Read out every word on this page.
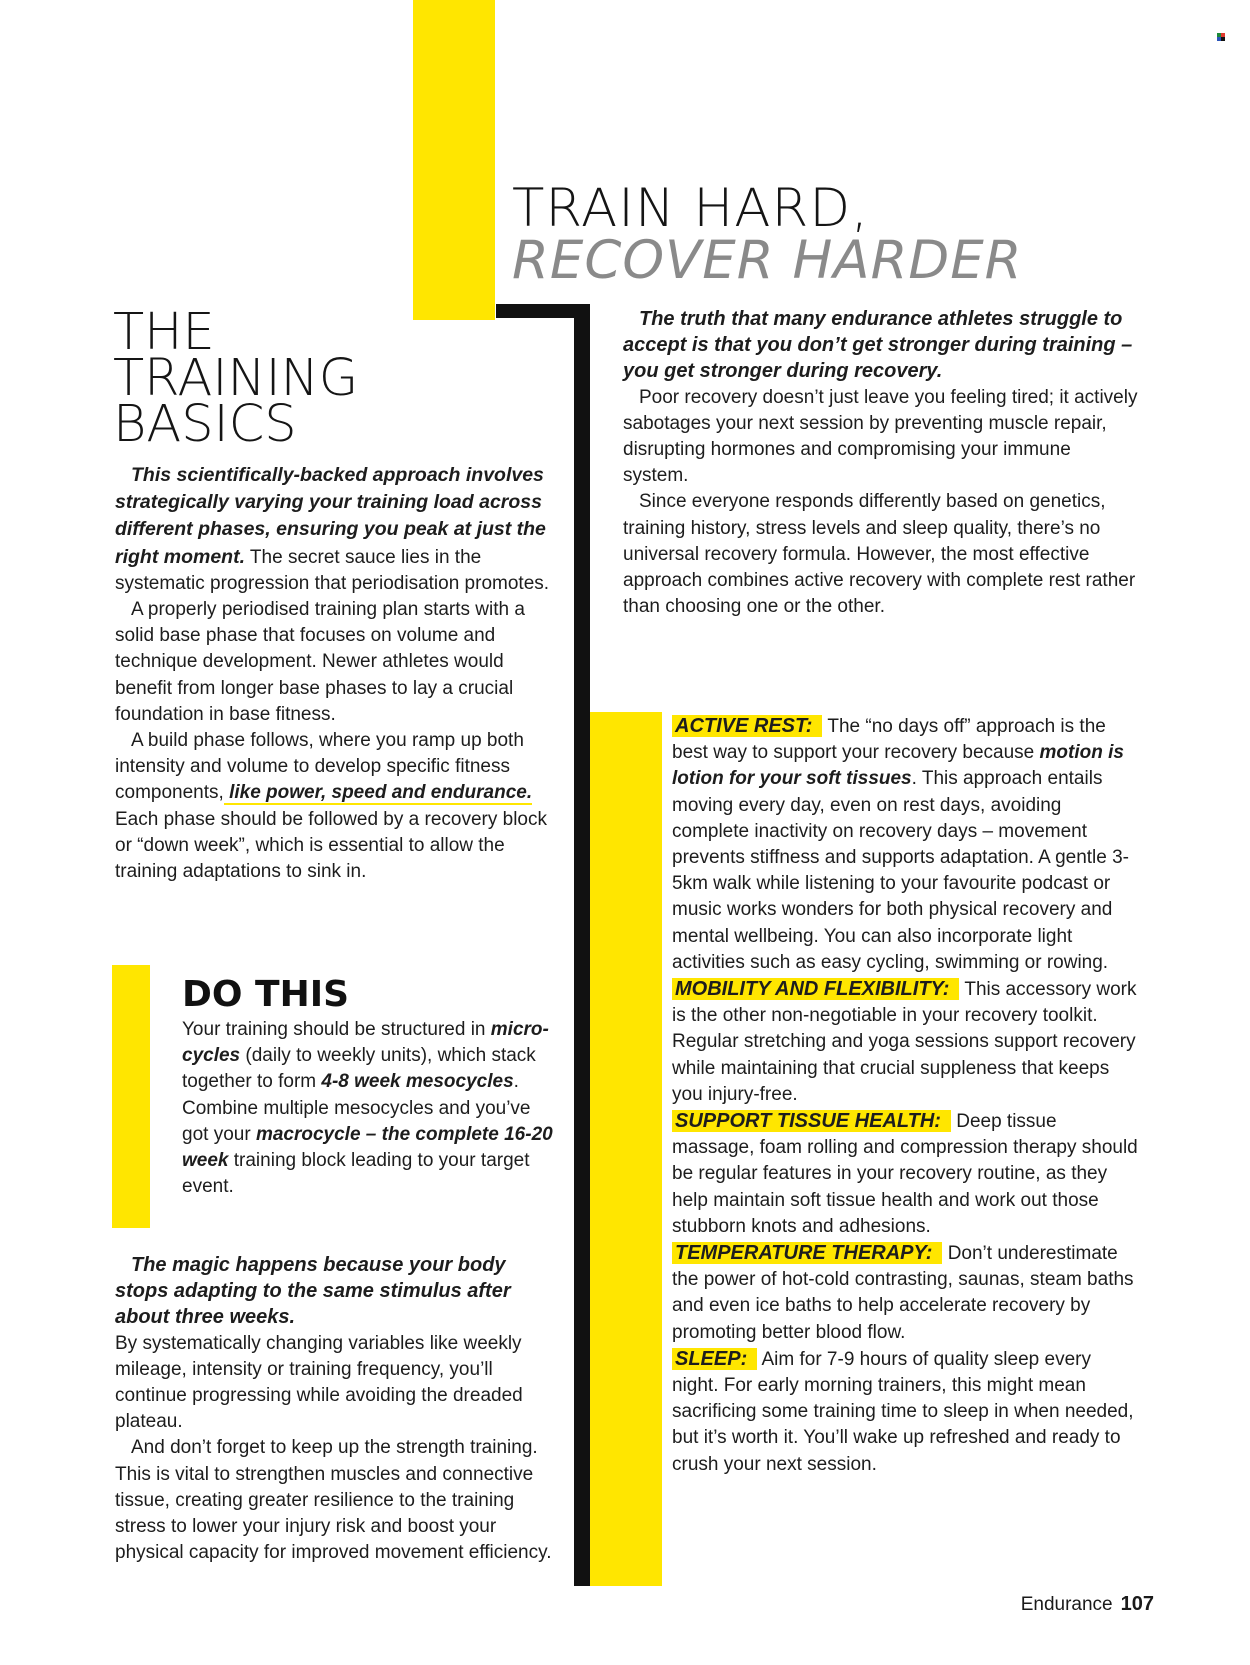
TRAIN HARD,
RECOVER HARDER
THE
TRAINING
BASICS

This scientifically-backed approach involves strategically varying your training load across different phases, ensuring you peak at just the right moment. The secret sauce lies in the systematic progression that periodisation promotes.

A properly periodised training plan starts with a solid base phase that focuses on volume and technique development. Newer athletes would benefit from longer base phases to lay a crucial foundation in base fitness.

A build phase follows, where you ramp up both intensity and volume to develop specific fitness components, like power, speed and endurance. Each phase should be followed by a recovery block or “down week”, which is essential to allow the training adaptations to sink in.

DO THIS

Your training should be structured in micro-cycles (daily to weekly units), which stack together to form 4-8 week mesocycles. Combine multiple mesocycles and you’ve got your macrocycle – the complete 16-20 week training block leading to your target event.

The magic happens because your body stops adapting to the same stimulus after about three weeks.

By systematically changing variables like weekly mileage, intensity or training frequency, you’ll continue progressing while avoiding the dreaded plateau.

And don’t forget to keep up the strength training. This is vital to strengthen muscles and connective tissue, creating greater resilience to the training stress to lower your injury risk and boost your physical capacity for improved movement efficiency.

The truth that many endurance athletes struggle to accept is that you don’t get stronger during training – you get stronger during recovery.

Poor recovery doesn’t just leave you feeling tired; it actively sabotages your next session by preventing muscle repair, disrupting hormones and compromising your immune system.

Since everyone responds differently based on genetics, training history, stress levels and sleep quality, there’s no universal recovery formula. However, the most effective approach combines active recovery with complete rest rather than choosing one or the other.

ACTIVE REST: The “no days off” approach is the best way to support your recovery because motion is lotion for your soft tissues. This approach entails moving every day, even on rest days, avoiding complete inactivity on recovery days – movement prevents stiffness and supports adaptation. A gentle 3-5km walk while listening to your favourite podcast or music works wonders for both physical recovery and mental wellbeing. You can also incorporate light activities such as easy cycling, swimming or rowing.

MOBILITY AND FLEXIBILITY: This accessory work is the other non-negotiable in your recovery toolkit. Regular stretching and yoga sessions support recovery while maintaining that crucial suppleness that keeps you injury-free.

SUPPORT TISSUE HEALTH: Deep tissue massage, foam rolling and compression therapy should be regular features in your recovery routine, as they help maintain soft tissue health and work out those stubborn knots and adhesions.

TEMPERATURE THERAPY: Don’t underestimate the power of hot-cold contrasting, saunas, steam baths and even ice baths to help accelerate recovery by promoting better blood flow.

SLEEP: Aim for 7-9 hours of quality sleep every night. For early morning trainers, this might mean sacrificing some training time to sleep in when needed, but it’s worth it. You’ll wake up refreshed and ready to crush your next session.

Endurance 107
